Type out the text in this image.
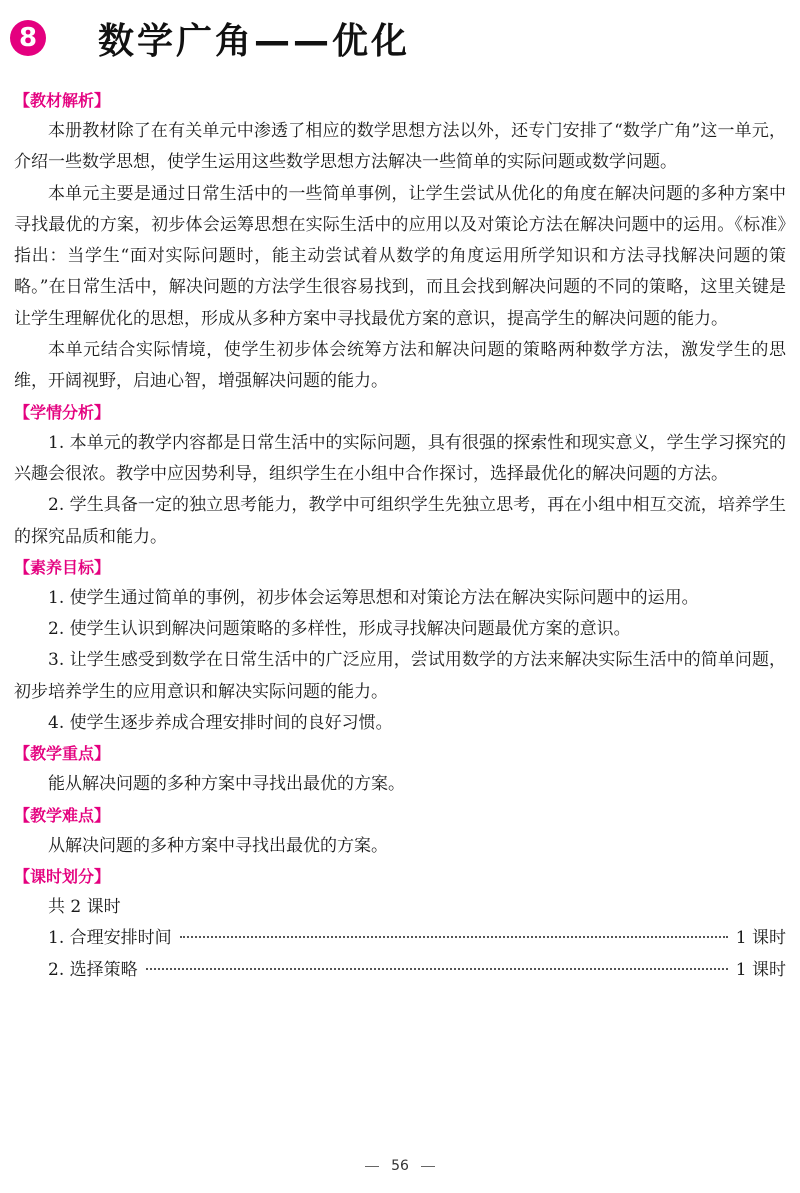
8 数学广角——优化
【教材解析】

本册教材除了在有关单元中渗透了相应的数学思想方法以外，还专门安排了“数学广角”这一单元，介绍一些数学思想，使学生运用这些数学思想方法解决一些简单的实际问题或数学问题。

本单元主要是通过日常生活中的一些简单事例，让学生尝试从优化的角度在解决问题的多种方案中寻找最优的方案，初步体会运筹思想在实际生活中的应用以及对策论方法在解决问题中的运用。《标准》指出：当学生“面对实际问题时，能主动尝试着从数学的角度运用所学知识和方法寻找解决问题的策略。”在日常生活中，解决问题的方法学生很容易找到，而且会找到解决问题的不同的策略，这里关键是让学生理解优化的思想，形成从多种方案中寻找最优方案的意识，提高学生的解决问题的能力。

本单元结合实际情境，使学生初步体会统筹方法和解决问题的策略两种数学方法，激发学生的思维，开阔视野，启迪心智，增强解决问题的能力。

【学情分析】

1. 本单元的教学内容都是日常生活中的实际问题，具有很强的探索性和现实意义，学生学习探究的兴趣会很浓。教学中应因势利导，组织学生在小组中合作探讨，选择最优化的解决问题的方法。

2. 学生具备一定的独立思考能力，教学中可组织学生先独立思考，再在小组中相互交流，培养学生的探究品质和能力。

【素养目标】

1. 使学生通过简单的事例，初步体会运筹思想和对策论方法在解决实际问题中的运用。

2. 使学生认识到解决问题策略的多样性，形成寻找解决问题最优方案的意识。

3. 让学生感受到数学在日常生活中的广泛应用，尝试用数学的方法来解决实际生活中的简单问题，初步培养学生的应用意识和解决实际问题的能力。

4. 使学生逐步养成合理安排时间的良好习惯。

【教学重点】

能从解决问题的多种方案中寻找出最优的方案。

【教学难点】

从解决问题的多种方案中寻找出最优的方案。

【课时划分】

共 2 课时

1. 合理安排时间	1 课时
2. 选择策略	1 课时
56
